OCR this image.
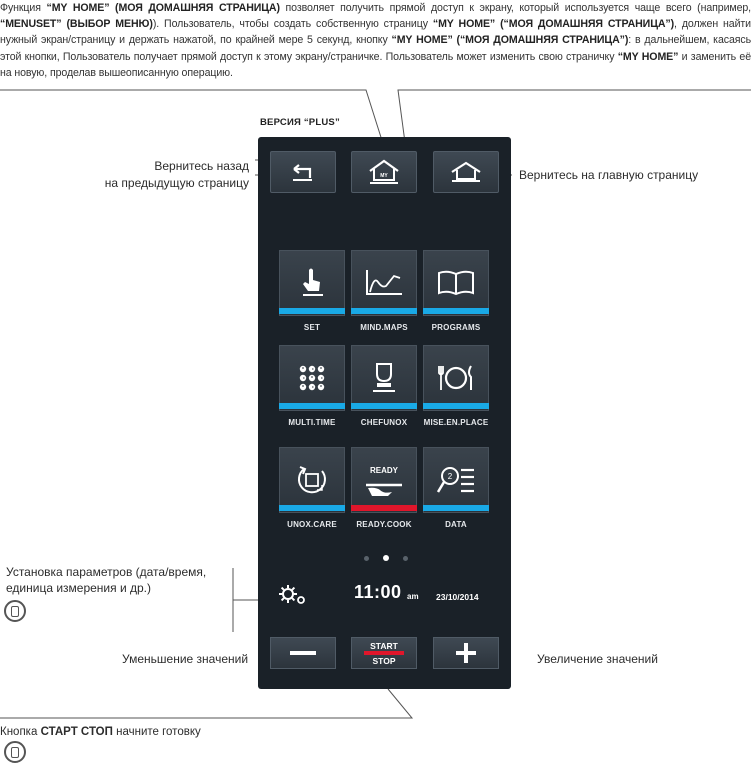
Функция “MY HOME” (МОЯ ДОМАШНЯЯ СТРАНИЦА) позволяет получить прямой доступ к экрану, который используется чаще всего (например, “MENUSET” (ВЫБОР МЕНЮ)). Пользователь, чтобы создать собственную страницу “MY HOME” (“МОЯ ДОМАШНЯЯ СТРАНИЦА”), должен найти нужный экран/страницу и держать нажатой, по крайней мере 5 секунд, кнопку “MY HOME” (“МОЯ ДОМАШНЯЯ СТРАНИЦА”): в дальнейшем, касаясь этой кнопки, Пользователь получает прямой доступ к этому экрану/страничке. Пользователь может изменить свою страничку “MY HOME” и заменить её на новую, проделав вышеописанную операцию.
ВЕРСИЯ “PLUS”
Вернитесь назад
на предыдущую страницу
Вернитесь на главную страницу
Установка параметров (дата/время,
единица измерения и др.)
Уменьшение значений	Увеличение значений
Кнопка СТАРТ СТОП начните готовку
MY
SET	MIND.MAPS	PROGRAMS
MULTI.TIME	CHEFUNOX	MISE.EN.PLACE
UNOX.CARE
READY
READY.COOK
2
DATA
11:00 am 23/10/2014
START
STOP
